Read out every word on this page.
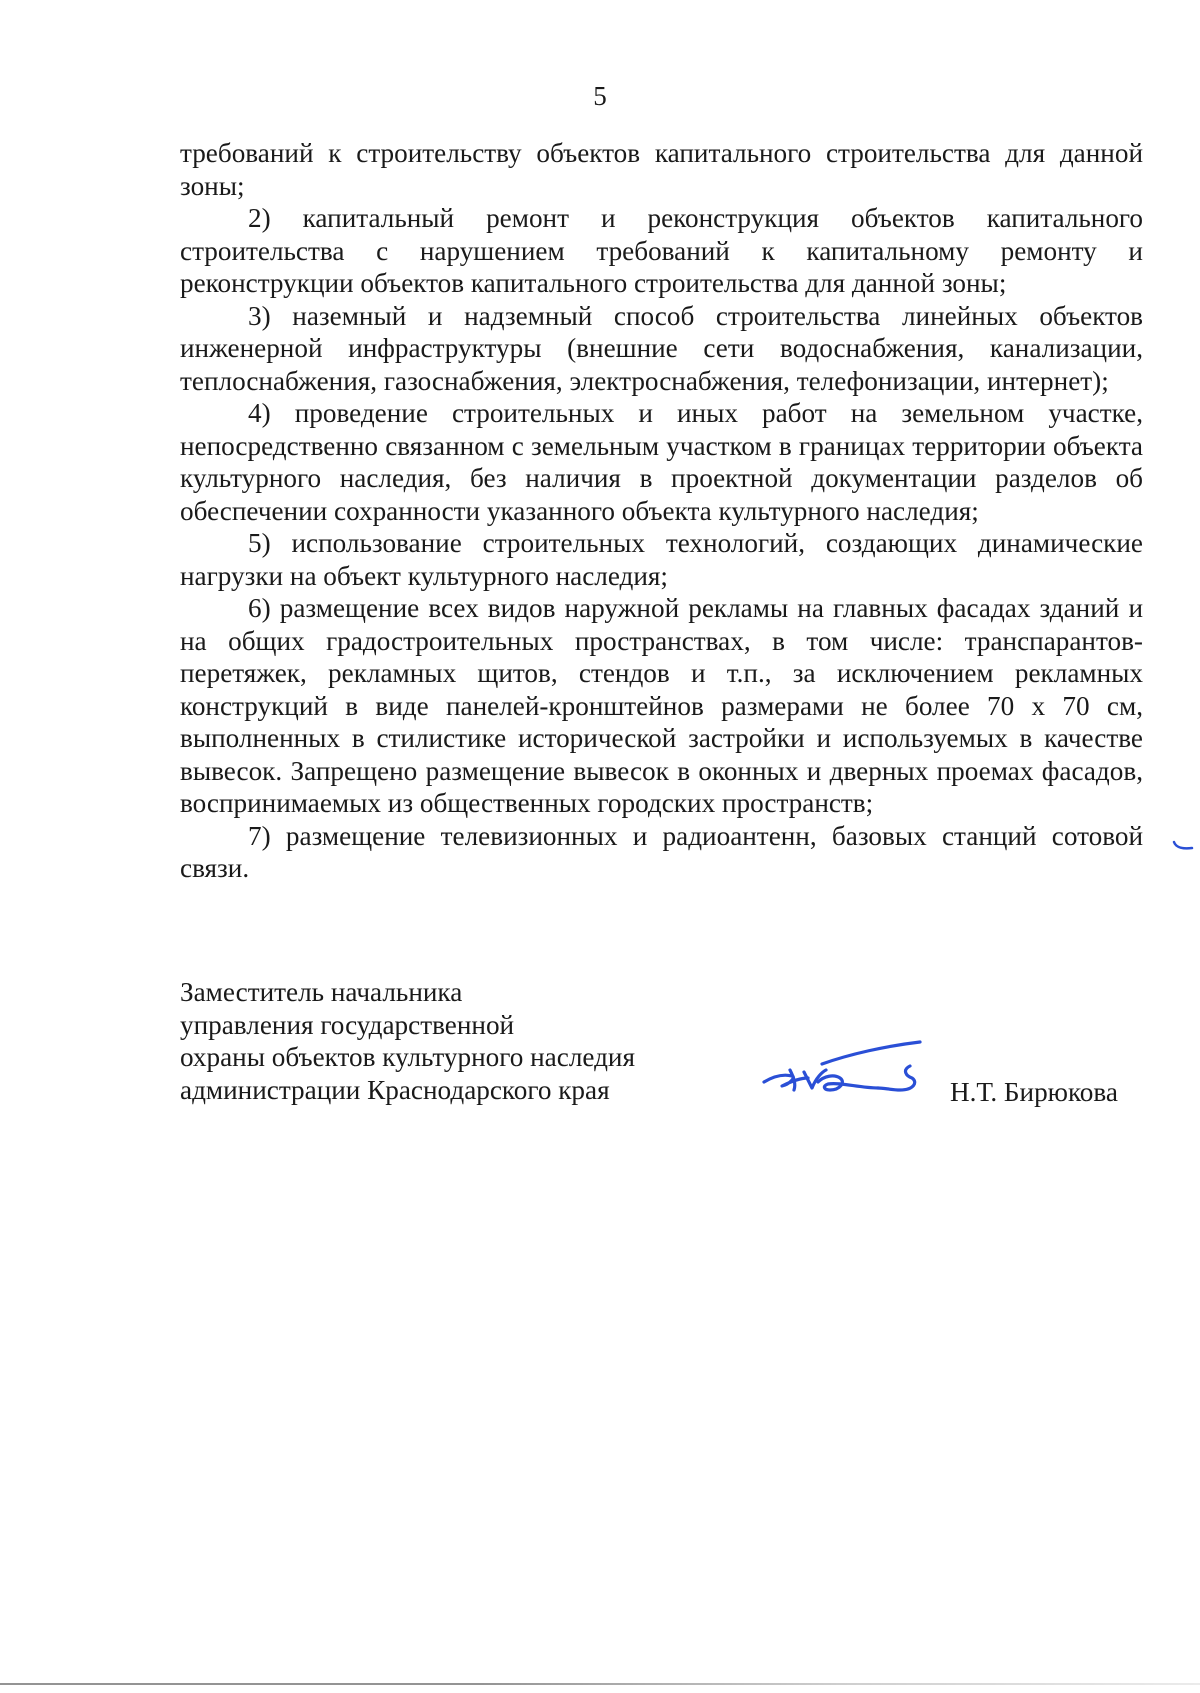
5

требований к строительству объектов капитального строительства для данной зоны;

2) капитальный ремонт и реконструкция объектов капитального строительства с нарушением требований к капитальному ремонту и реконструкции объектов капитального строительства для данной зоны;

3) наземный и надземный способ строительства линейных объектов инженерной инфраструктуры (внешние сети водоснабжения, канализации, теплоснабжения, газоснабжения, электроснабжения, телефонизации, интернет);

4) проведение строительных и иных работ на земельном участке, непосредственно связанном с земельным участком в границах территории объекта культурного наследия, без наличия в проектной документации разделов об обеспечении сохранности указанного объекта культурного наследия;

5) использование строительных технологий, создающих динамические нагрузки на объект культурного наследия;

6) размещение всех видов наружной рекламы на главных фасадах зданий и на общих градостроительных пространствах, в том числе: транспарантов-перетяжек, рекламных щитов, стендов и т.п., за исключением рекламных конструкций в виде панелей-кронштейнов размерами не более 70 х 70 см, выполненных в стилистике исторической застройки и используемых в качестве вывесок. Запрещено размещение вывесок в оконных и дверных проемах фасадов, воспринимаемых из общественных городских пространств;

7) размещение телевизионных и радиоантенн, базовых станций сотовой связи.

Заместитель начальника
управления государственной
охраны объектов культурного наследия
администрации Краснодарского края	Н.Т. Бирюкова
